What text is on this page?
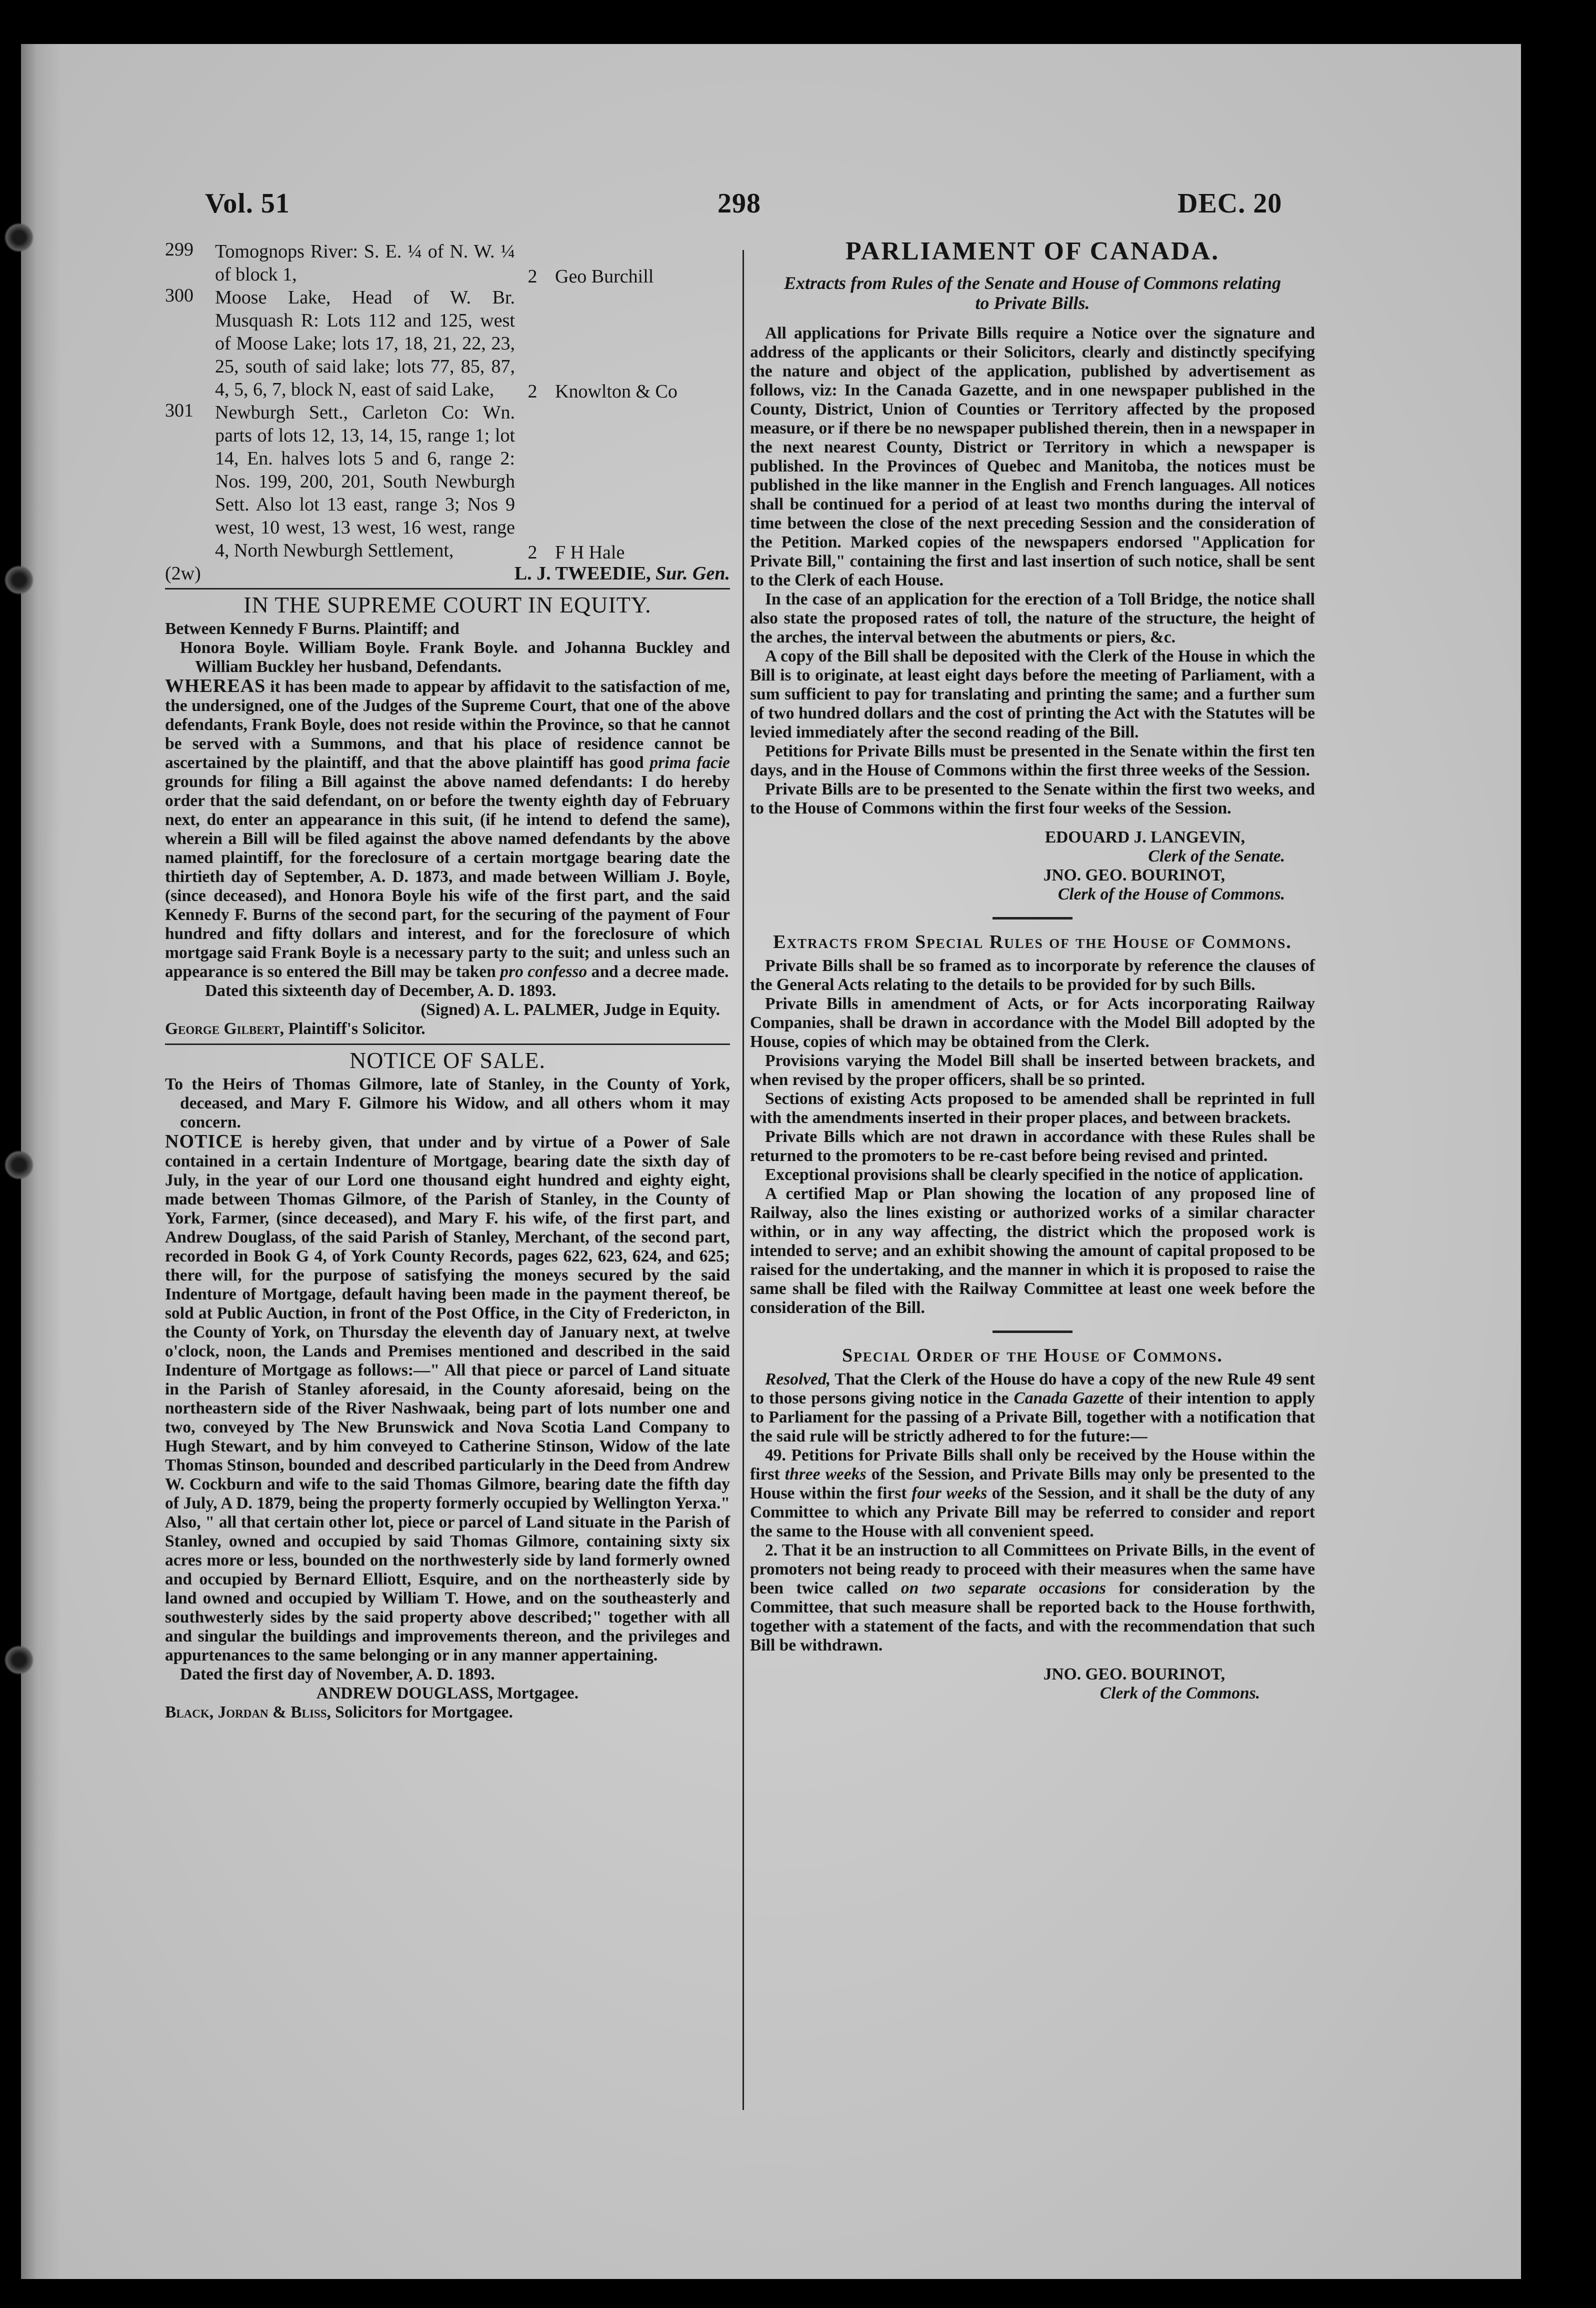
Vol. 51	298	DEC. 20
299	Tomognops River: S. E. ¼ of N. W. ¼ of block 1,	2 Geo Burchill
300	Moose Lake, Head of W. Br. Musquash R: Lots 112 and 125, west of Moose Lake; lots 17, 18, 21, 22, 23, 25, south of said lake; lots 77, 85, 87, 4, 5, 6, 7, block N, east of said Lake,	2 Knowlton & Co
301	Newburgh Sett., Carleton Co: Wn. parts of lots 12, 13, 14, 15, range 1; lot 14, En. halves lots 5 and 6, range 2: Nos. 199, 200, 201, South Newburgh Sett. Also lot 13 east, range 3; Nos 9 west, 10 west, 13 west, 16 west, range 4, North Newburgh Settlement,	2 F H Hale
(2w)	L. J. TWEEDIE, Sur. Gen.
IN THE SUPREME COURT IN EQUITY.

Between Kennedy F Burns. Plaintiff; and

Honora Boyle. William Boyle. Frank Boyle. and Johanna Buckley and William Buckley her husband, Defendants.

WHEREAS it has been made to appear by affidavit to the satisfaction of me, the undersigned, one of the Judges of the Supreme Court, that one of the above defendants, Frank Boyle, does not reside within the Province, so that he cannot be served with a Summons, and that his place of residence cannot be ascertained by the plaintiff, and that the above plaintiff has good prima facie grounds for filing a Bill against the above named defendants: I do hereby order that the said defendant, on or before the twenty eighth day of February next, do enter an appearance in this suit, (if he intend to defend the same), wherein a Bill will be filed against the above named defendants by the above named plaintiff, for the foreclosure of a certain mortgage bearing date the thirtieth day of September, A. D. 1873, and made between William J. Boyle, (since deceased), and Honora Boyle his wife of the first part, and the said Kennedy F. Burns of the second part, for the securing of the payment of Four hundred and fifty dollars and interest, and for the foreclosure of which mortgage said Frank Boyle is a necessary party to the suit; and unless such an appearance is so entered the Bill may be taken pro confesso and a decree made.

Dated this sixteenth day of December, A. D. 1893.

(Signed) A. L. PALMER, Judge in Equity.

George Gilbert, Plaintiff's Solicitor.

NOTICE OF SALE.

To the Heirs of Thomas Gilmore, late of Stanley, in the County of York, deceased, and Mary F. Gilmore his Widow, and all others whom it may concern.

NOTICE is hereby given, that under and by virtue of a Power of Sale contained in a certain Indenture of Mortgage, bearing date the sixth day of July, in the year of our Lord one thousand eight hundred and eighty eight, made between Thomas Gilmore, of the Parish of Stanley, in the County of York, Farmer, (since deceased), and Mary F. his wife, of the first part, and Andrew Douglass, of the said Parish of Stanley, Merchant, of the second part, recorded in Book G 4, of York County Records, pages 622, 623, 624, and 625; there will, for the purpose of satisfying the moneys secured by the said Indenture of Mortgage, default having been made in the payment thereof, be sold at Public Auction, in front of the Post Office, in the City of Fredericton, in the County of York, on Thursday the eleventh day of January next, at twelve o'clock, noon, the Lands and Premises mentioned and described in the said Indenture of Mortgage as follows:—" All that piece or parcel of Land situate in the Parish of Stanley aforesaid, in the County aforesaid, being on the northeastern side of the River Nashwaak, being part of lots number one and two, conveyed by The New Brunswick and Nova Scotia Land Company to Hugh Stewart, and by him conveyed to Catherine Stinson, Widow of the late Thomas Stinson, bounded and described particularly in the Deed from Andrew W. Cockburn and wife to the said Thomas Gilmore, bearing date the fifth day of July, A D. 1879, being the property formerly occupied by Wellington Yerxa." Also, " all that certain other lot, piece or parcel of Land situate in the Parish of Stanley, owned and occupied by said Thomas Gilmore, containing sixty six acres more or less, bounded on the northwesterly side by land formerly owned and occupied by Bernard Elliott, Esquire, and on the northeasterly side by land owned and occupied by William T. Howe, and on the southeasterly and southwesterly sides by the said property above described;" together with all and singular the buildings and improvements thereon, and the privileges and appurtenances to the same belonging or in any manner appertaining.

Dated the first day of November, A. D. 1893.

ANDREW DOUGLASS, Mortgagee.

Black, Jordan & Bliss, Solicitors for Mortgagee.

PARLIAMENT OF CANADA.
Extracts from Rules of the Senate and House of Commons relating to Private Bills.

All applications for Private Bills require a Notice over the signature and address of the applicants or their Solicitors, clearly and distinctly specifying the nature and object of the application, published by advertisement as follows, viz: In the Canada Gazette, and in one newspaper published in the County, District, Union of Counties or Territory affected by the proposed measure, or if there be no newspaper published therein, then in a newspaper in the next nearest County, District or Territory in which a newspaper is published. In the Provinces of Quebec and Manitoba, the notices must be published in the like manner in the English and French languages. All notices shall be continued for a period of at least two months during the interval of time between the close of the next preceding Session and the consideration of the Petition. Marked copies of the newspapers endorsed "Application for Private Bill," containing the first and last insertion of such notice, shall be sent to the Clerk of each House.

In the case of an application for the erection of a Toll Bridge, the notice shall also state the proposed rates of toll, the nature of the structure, the height of the arches, the interval between the abutments or piers, &c.

A copy of the Bill shall be deposited with the Clerk of the House in which the Bill is to originate, at least eight days before the meeting of Parliament, with a sum sufficient to pay for translating and printing the same; and a further sum of two hundred dollars and the cost of printing the Act with the Statutes will be levied immediately after the second reading of the Bill.

Petitions for Private Bills must be presented in the Senate within the first ten days, and in the House of Commons within the first three weeks of the Session.

Private Bills are to be presented to the Senate within the first two weeks, and to the House of Commons within the first four weeks of the Session.

EDOUARD J. LANGEVIN,

Clerk of the Senate.

JNO. GEO. BOURINOT,

Clerk of the House of Commons.

Extracts from Special Rules of the House of Commons.

Private Bills shall be so framed as to incorporate by reference the clauses of the General Acts relating to the details to be provided for by such Bills.

Private Bills in amendment of Acts, or for Acts incorporating Railway Companies, shall be drawn in accordance with the Model Bill adopted by the House, copies of which may be obtained from the Clerk.

Provisions varying the Model Bill shall be inserted between brackets, and when revised by the proper officers, shall be so printed.

Sections of existing Acts proposed to be amended shall be reprinted in full with the amendments inserted in their proper places, and between brackets.

Private Bills which are not drawn in accordance with these Rules shall be returned to the promoters to be re-cast before being revised and printed.

Exceptional provisions shall be clearly specified in the notice of application.

A certified Map or Plan showing the location of any proposed line of Railway, also the lines existing or authorized works of a similar character within, or in any way affecting, the district which the proposed work is intended to serve; and an exhibit showing the amount of capital proposed to be raised for the undertaking, and the manner in which it is proposed to raise the same shall be filed with the Railway Committee at least one week before the consideration of the Bill.

Special Order of the House of Commons.

Resolved, That the Clerk of the House do have a copy of the new Rule 49 sent to those persons giving notice in the Canada Gazette of their intention to apply to Parliament for the passing of a Private Bill, together with a notification that the said rule will be strictly adhered to for the future:—

49. Petitions for Private Bills shall only be received by the House within the first three weeks of the Session, and Private Bills may only be presented to the House within the first four weeks of the Session, and it shall be the duty of any Committee to which any Private Bill may be referred to consider and report the same to the House with all convenient speed.

2. That it be an instruction to all Committees on Private Bills, in the event of promoters not being ready to proceed with their measures when the same have been twice called on two separate occasions for consideration by the Committee, that such measure shall be reported back to the House forthwith, together with a statement of the facts, and with the recommendation that such Bill be withdrawn.

JNO. GEO. BOURINOT,

Clerk of the Commons.
